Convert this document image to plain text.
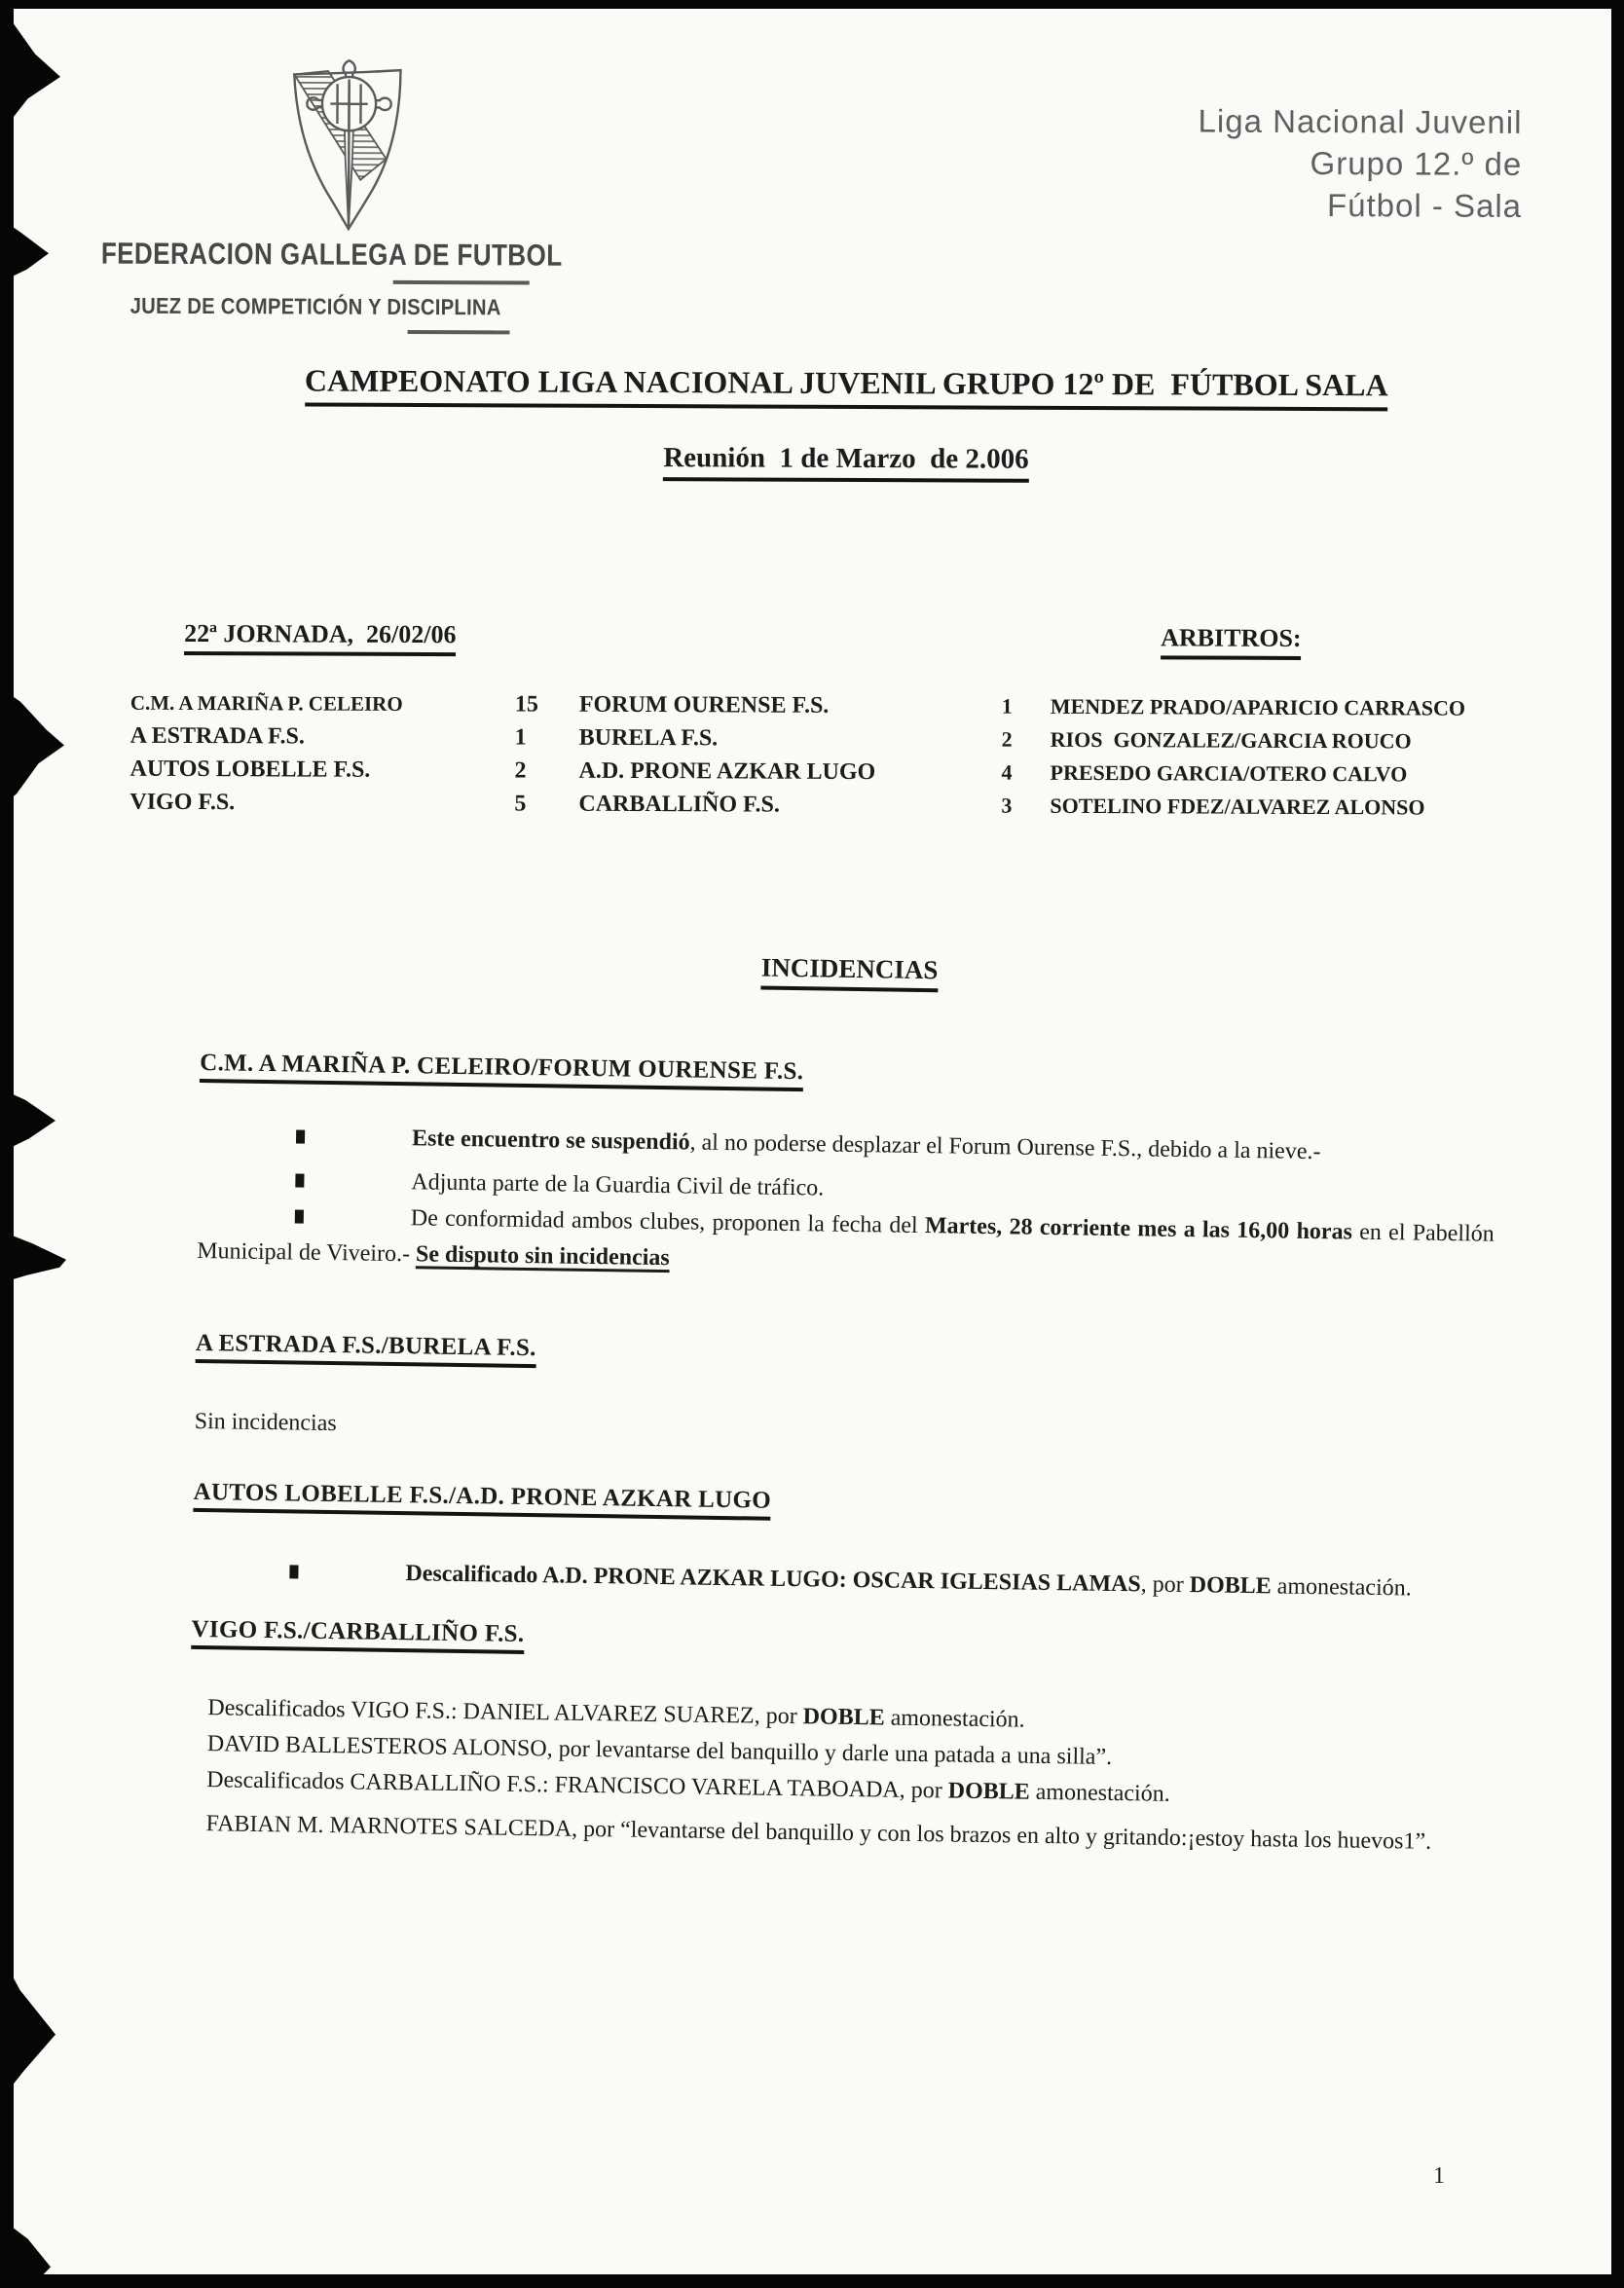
Liga Nacional Juvenil
Grupo 12.º de
Fútbol - Sala
FEDERACION GALLEGA DE FUTBOL
JUEZ DE COMPETICIÓN Y DISCIPLINA
CAMPEONATO LIGA NACIONAL JUVENIL GRUPO 12º DE  FÚTBOL SALA
Reunión  1 de Marzo  de 2.006
22ª JORNADA,  26/02/06
C.M. A MARIÑA P. CELEIRO	15	FORUM OURENSE F.S.
A ESTRADA F.S.	1	BURELA F.S.
AUTOS LOBELLE F.S.	2	A.D. PRONE AZKAR LUGO
VIGO F.S.	5	CARBALLIÑO F.S.
ARBITROS:
1	MENDEZ PRADO/APARICIO CARRASCO
2	RIOS  GONZALEZ/GARCIA ROUCO
4	PRESEDO GARCIA/OTERO CALVO
3	SOTELINO FDEZ/ALVAREZ ALONSO
INCIDENCIAS
C.M. A MARIÑA P. CELEIRO/FORUM OURENSE F.S.

Este encuentro se suspendió, al no poderse desplazar el Forum Ourense F.S., debido a la nieve.-

Adjunta parte de la Guardia Civil de tráfico.

De conformidad ambos clubes, proponen la fecha del Martes, 28 corriente mes a las 16,00 horas en el Pabellón Municipal de Viveiro.- Se disputo sin incidencias

A ESTRADA F.S./BURELA F.S.

Sin incidencias

AUTOS LOBELLE F.S./A.D. PRONE AZKAR LUGO

Descalificado A.D. PRONE AZKAR LUGO: OSCAR IGLESIAS LAMAS, por DOBLE amonestación.

VIGO F.S./CARBALLIÑO F.S.

Descalificados VIGO F.S.: DANIEL ALVAREZ SUAREZ, por DOBLE amonestación.

DAVID BALLESTEROS ALONSO, por levantarse del banquillo y darle una patada a una silla”.

Descalificados CARBALLIÑO F.S.: FRANCISCO VARELA TABOADA, por DOBLE amonestación.

FABIAN M. MARNOTES SALCEDA, por “levantarse del banquillo y con los brazos en alto y gritando:¡estoy hasta los huevos1”.

1
